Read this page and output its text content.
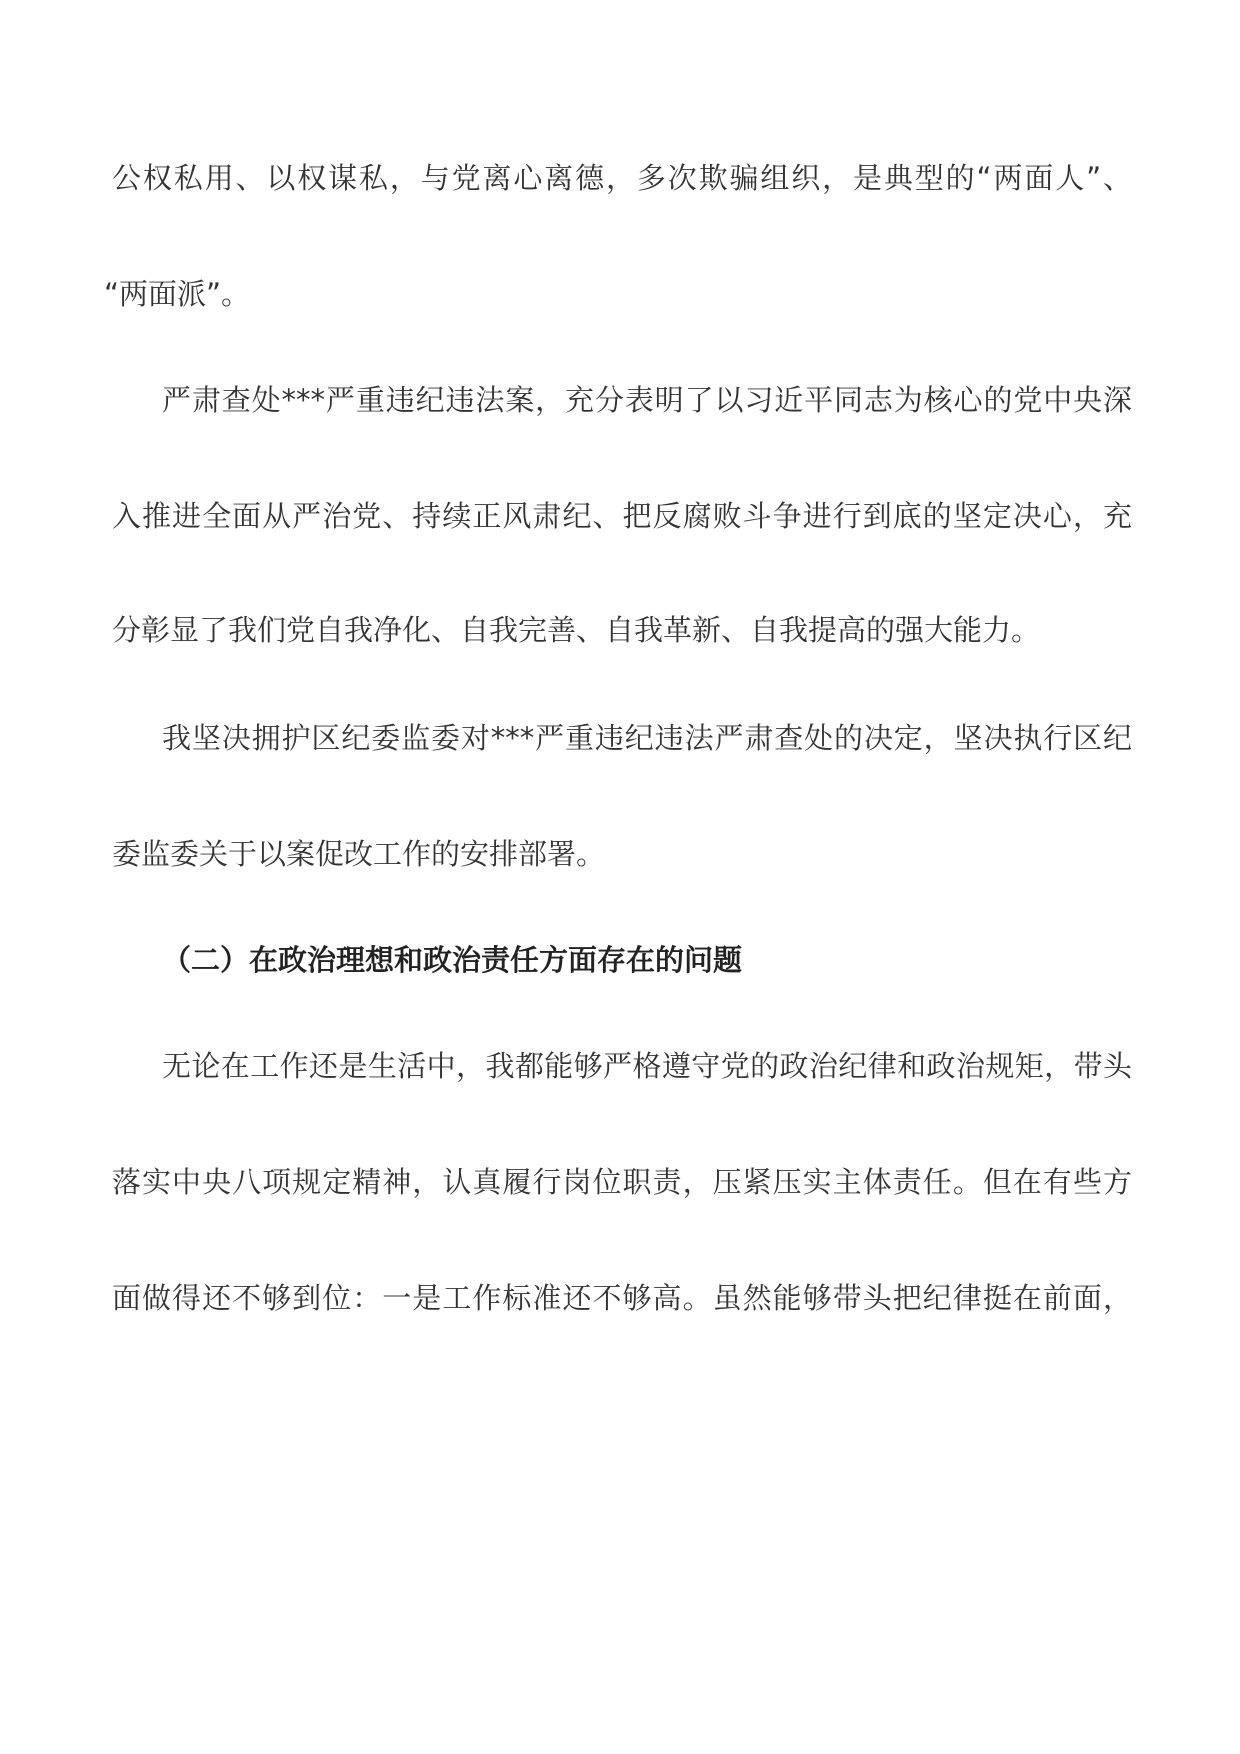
公权私用、以权谋私，与党离心离德，多次欺骗组织，是典型的“两面人”、
“两面派”。
严肃查处***严重违纪违法案，充分表明了以习近平同志为核心的党中央深
入推进全面从严治党、持续正风肃纪、把反腐败斗争进行到底的坚定决心，充
分彰显了我们党自我净化、自我完善、自我革新、自我提高的强大能力。
我坚决拥护区纪委监委对***严重违纪违法严肃查处的决定，坚决执行区纪
委监委关于以案促改工作的安排部署。
（二）在政治理想和政治责任方面存在的问题
无论在工作还是生活中，我都能够严格遵守党的政治纪律和政治规矩，带头
落实中央八项规定精神，认真履行岗位职责，压紧压实主体责任。但在有些方
面做得还不够到位：一是工作标准还不够高。虽然能够带头把纪律挺在前面，
